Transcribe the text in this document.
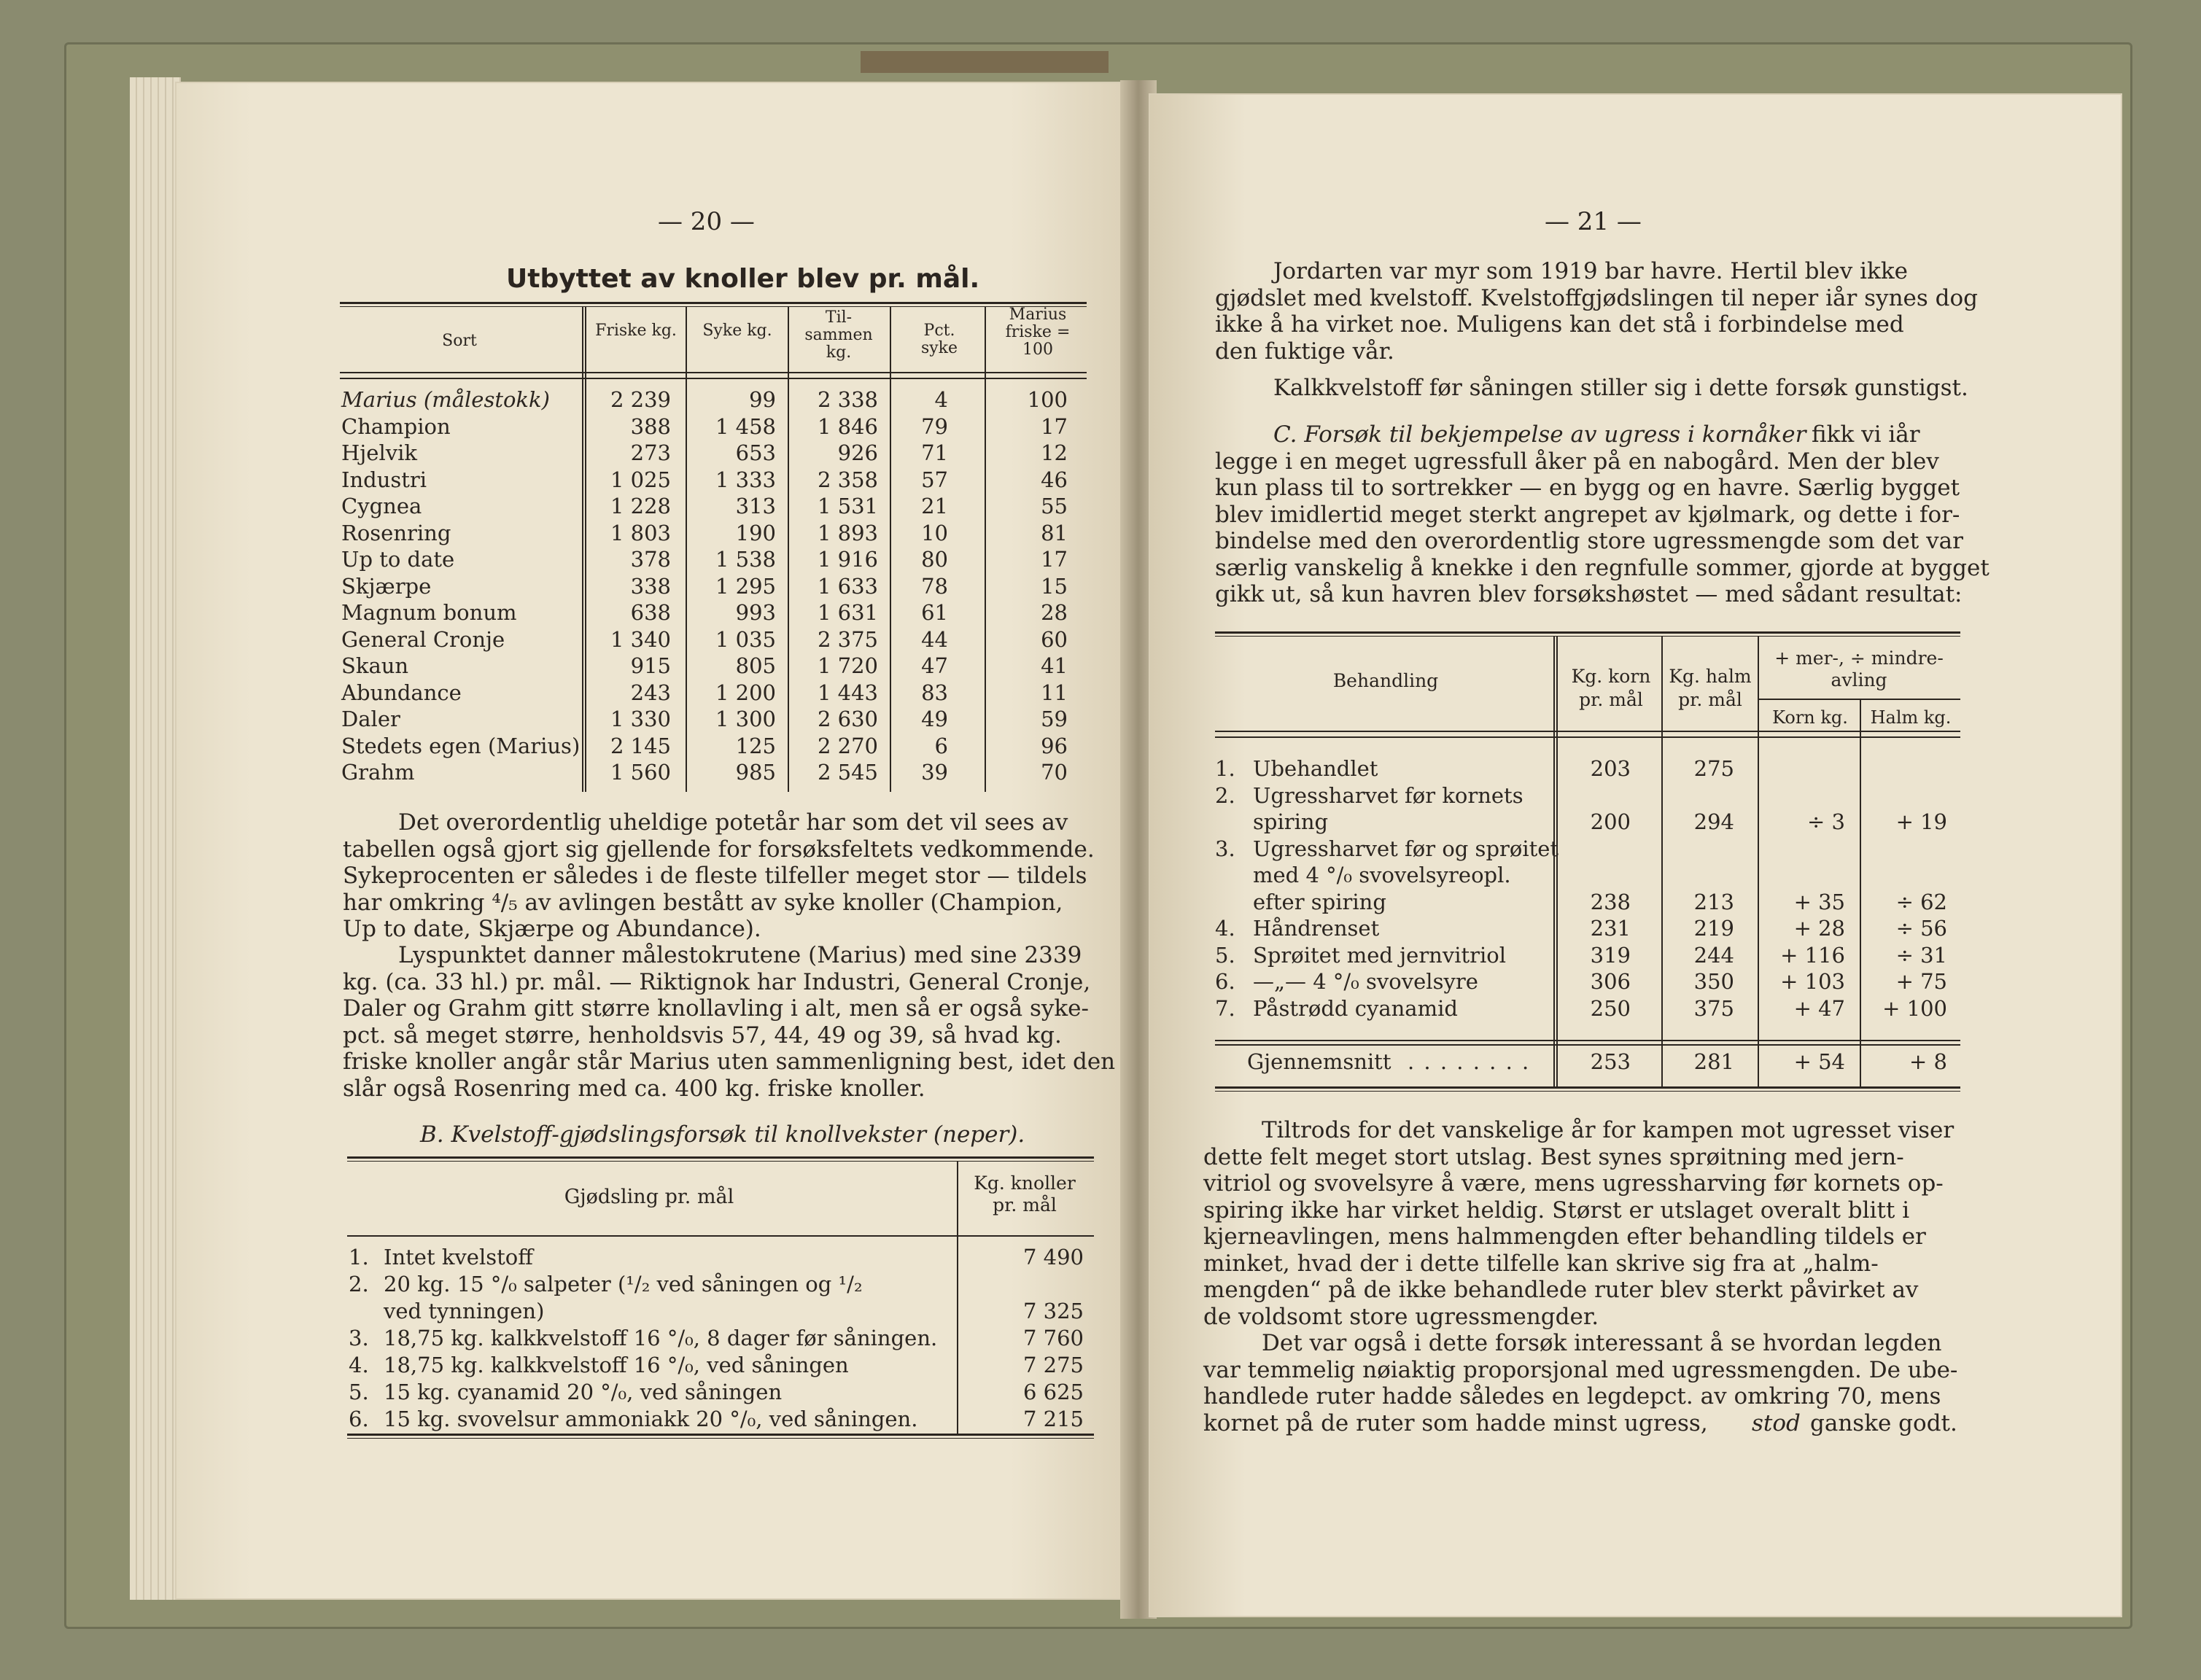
— 20 —
Utbyttet av knoller blev pr. mål.
Sort
Friske kg.	Syke kg.
Til-sammen kg.
Pct. syke
Marius friske = 100
Marius (målestokk)	2 239	99	2 338	4	100
Champion	388	1 458	1 846	79	17
Hjelvik	273	653	926	71	12
Industri	1 025	1 333	2 358	57	46
Cygnea	1 228	313	1 531	21	55
Rosenring	1 803	190	1 893	10	81
Up to date	378	1 538	1 916	80	17
Skjærpe	338	1 295	1 633	78	15
Magnum bonum	638	993	1 631	61	28
General Cronje	1 340	1 035	2 375	44	60
Skaun	915	805	1 720	47	41
Abundance	243	1 200	1 443	83	11
Daler	1 330	1 300	2 630	49	59
Stedets egen (Marius)	2 145	125	2 270	6	96
Grahm	1 560	985	2 545	39	70
Det overordentlig uheldige potetår har som det vil sees av
tabellen også gjort sig gjellende for forsøksfeltets vedkommende.
Sykeprocenten er således i de fleste tilfeller meget stor — tildels
har omkring ⁴/₅ av avlingen bestått av syke knoller (Champion,
Up to date, Skjærpe og Abundance).
Lyspunktet danner målestokrutene (Marius) med sine 2339
kg. (ca. 33 hl.) pr. mål. — Riktignok har Industri, General Cronje,
Daler og Grahm gitt større knollavling i alt, men så er også syke-
pct. så meget større, henholdsvis 57, 44, 49 og 39, så hvad kg.
friske knoller angår står Marius uten sammenligning best, idet den
slår også Rosenring med ca. 400 kg. friske knoller.
B. Kvelstoff-gjødslingsforsøk til knollvekster (neper).
Gjødsling pr. mål
Kg. knoller pr. mål
1. Intet kvelstoff	7 490
2. 20 kg. 15 °/₀ salpeter (¹/₂ ved såningen og ¹/₂
ved tynningen)	7 325
3. 18,75 kg. kalkkvelstoff 16 °/₀, 8 dager før såningen.	7 760
4. 18,75 kg. kalkkvelstoff 16 °/₀, ved såningen	7 275
5. 15 kg. cyanamid 20 °/₀, ved såningen	6 625
6. 15 kg. svovelsur ammoniakk 20 °/₀, ved såningen.	7 215
— 21 —
Jordarten var myr som 1919 bar havre. Hertil blev ikke
gjødslet med kvelstoff. Kvelstoffgjødslingen til neper iår synes dog
ikke å ha virket noe. Muligens kan det stå i forbindelse med
den fuktige vår.
Kalkkvelstoff før såningen stiller sig i dette forsøk gunstigst.
C. Forsøk til bekjempelse av ugress i kornåker fikk vi iår
legge i en meget ugressfull åker på en nabogård. Men der blev
kun plass til to sortrekker — en bygg og en havre. Særlig bygget
blev imidlertid meget sterkt angrepet av kjølmark, og dette i for-
bindelse med den overordentlig store ugressmengde som det var
særlig vanskelig å knekke i den regnfulle sommer, gjorde at bygget
gikk ut, så kun havren blev forsøkshøstet — med sådant resultat:
Behandling	Kg. korn pr. mål
Kg. halm pr. mål
+ mer-, ÷ mindre-avling
Korn kg.	Halm kg.
1. Ubehandlet	203	275
2. Ugressharvet før kornets
spiring	200	294	÷ 3	+ 19
3. Ugressharvet før og sprøitet
med 4 °/₀ svovelsyreopl.
efter spiring	238	213	+ 35	÷ 62
4. Håndrenset	231	219	+ 28	÷ 56
5. Sprøitet med jernvitriol	319	244	+ 116	÷ 31
6. —„— 4 °/₀ svovelsyre	306	350	+ 103	+ 75
7. Påstrødd cyanamid	250	375	+ 47	+ 100
Gjennemsnitt . . . . . . . .	253	281	+ 54	+ 8
Tiltrods for det vanskelige år for kampen mot ugresset viser
dette felt meget stort utslag. Best synes sprøitning med jern-
vitriol og svovelsyre å være, mens ugressharving før kornets op-
spiring ikke har virket heldig. Størst er utslaget overalt blitt i
kjerneavlingen, mens halmmengden efter behandling tildels er
minket, hvad der i dette tilfelle kan skrive sig fra at „halm-
mengden“ på de ikke behandlede ruter blev sterkt påvirket av
de voldsomt store ugressmengder.
Det var også i dette forsøk interessant å se hvordan legden
var temmelig nøiaktig proporsjonal med ugressmengden. De ube-
handlede ruter hadde således en legdepct. av omkring 70, mens
kornet på de ruter som hadde minst ugress, stod ganske godt.
